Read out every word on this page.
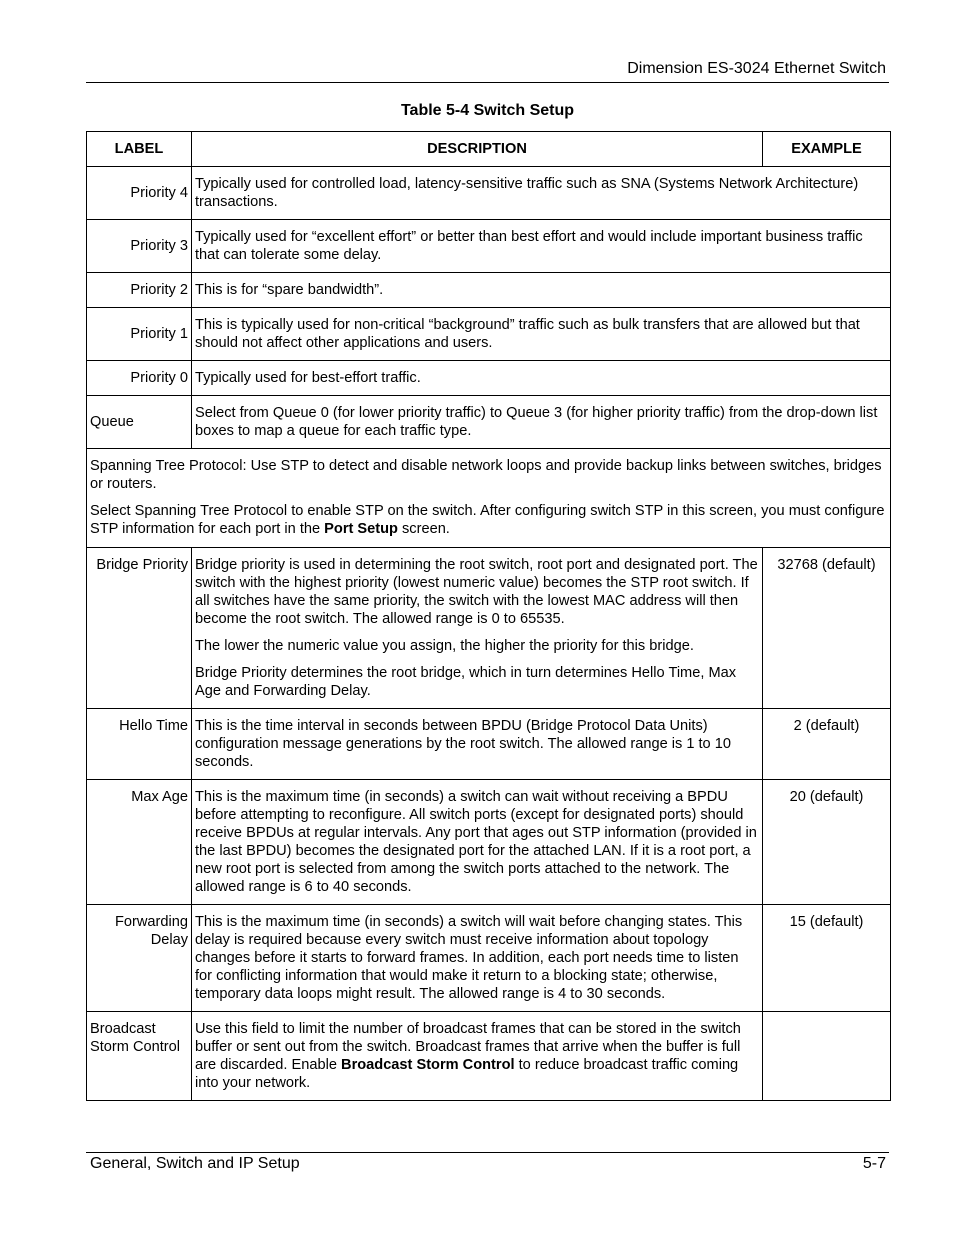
Dimension ES-3024 Ethernet Switch
Table 5-4 Switch Setup
LABEL	DESCRIPTION	EXAMPLE
Priority 4	Typically used for controlled load, latency-sensitive traffic such as SNA (Systems Network Architecture) transactions.	
Priority 3	Typically used for “excellent effort” or better than best effort and would include important business traffic that can tolerate some delay.	
Priority 2	This is for “spare bandwidth”.	
Priority 1	This is typically used for non-critical “background” traffic such as bulk transfers that are allowed but that should not affect other applications and users.	
Priority 0	Typically used for best-effort traffic.	
Queue	Select from Queue 0 (for lower priority traffic) to Queue 3 (for higher priority traffic) from the drop-down list boxes to map a queue for each traffic type.	

Spanning Tree Protocol: Use STP to detect and disable network loops and provide backup links between switches, bridges or routers.

Select Spanning Tree Protocol to enable STP on the switch. After configuring switch STP in this screen, you must configure STP information for each port in the Port Setup screen.		

Bridge Priority	Bridge priority is used in determining the root switch, root port and designated port. The switch with the highest priority (lowest numeric value) becomes the STP root switch. If all switches have the same priority, the switch with the lowest MAC address will then become the root switch. The allowed range is 0 to 65535.

The lower the numeric value you assign, the higher the priority for this bridge.

Bridge Priority determines the root bridge, which in turn determines Hello Time, Max Age and Forwarding Delay.	32768 (default)
Hello Time	This is the time interval in seconds between BPDU (Bridge Protocol Data Units) configuration message generations by the root switch. The allowed range is 1 to 10 seconds.	2 (default)
Max Age	This is the maximum time (in seconds) a switch can wait without receiving a BPDU before attempting to reconfigure. All switch ports (except for designated ports) should receive BPDUs at regular intervals. Any port that ages out STP information (provided in the last BPDU) becomes the designated port for the attached LAN. If it is a root port, a new root port is selected from among the switch ports attached to the network. The allowed range is 6 to 40 seconds.	20 (default)
Forwarding
Delay	This is the maximum time (in seconds) a switch will wait before changing states. This delay is required because every switch must receive information about topology changes before it starts to forward frames. In addition, each port needs time to listen for conflicting information that would make it return to a blocking state; otherwise, temporary data loops might result. The allowed range is 4 to 30 seconds.	15 (default)
Broadcast
Storm Control	Use this field to limit the number of broadcast frames that can be stored in the switch buffer or sent out from the switch. Broadcast frames that arrive when the buffer is full are discarded. Enable Broadcast Storm Control to reduce broadcast traffic coming into your network.	
General, Switch and IP Setup	5-7
